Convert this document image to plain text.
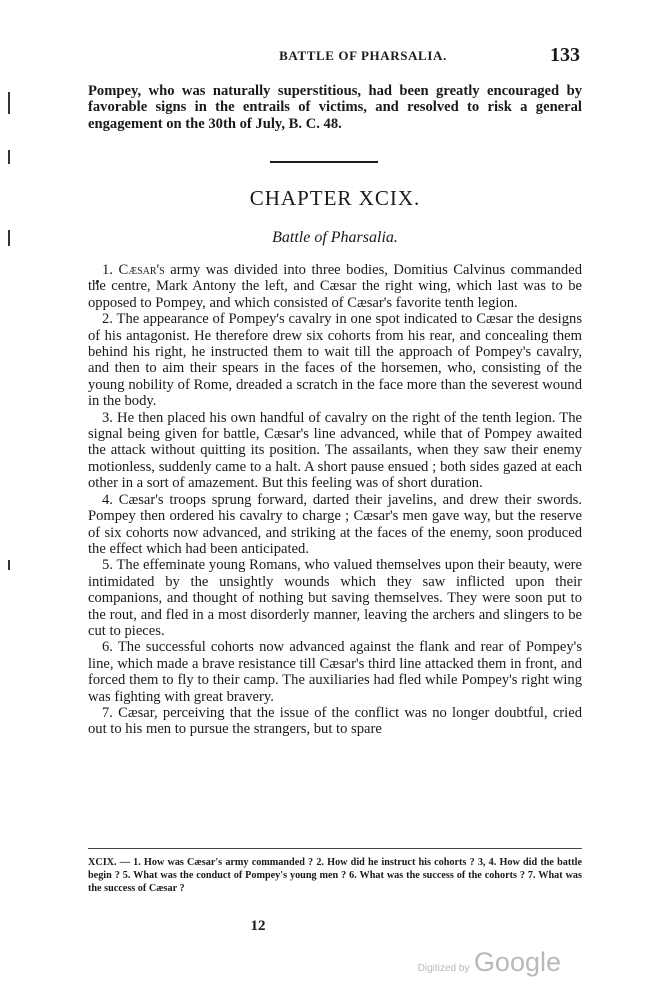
BATTLE OF PHARSALIA.	133
Pompey, who was naturally superstitious, had been greatly encouraged by favorable signs in the entrails of victims, and resolved to risk a general engagement on the 30th of July, B. C. 48.
CHAPTER XCIX.
Battle of Pharsalia.

1. Cæsar's army was divided into three bodies, Domitius Calvinus commanded the centre, Mark Antony the left, and Cæsar the right wing, which last was to be opposed to Pompey, and which consisted of Cæsar's favorite tenth legion.

2. The appearance of Pompey's cavalry in one spot indicated to Cæsar the designs of his antagonist. He therefore drew six cohorts from his rear, and concealing them behind his right, he instructed them to wait till the approach of Pompey's cavalry, and then to aim their spears in the faces of the horsemen, who, consisting of the young nobility of Rome, dreaded a scratch in the face more than the severest wound in the body.

3. He then placed his own handful of cavalry on the right of the tenth legion. The signal being given for battle, Cæsar's line advanced, while that of Pompey awaited the attack without quitting its position. The assailants, when they saw their enemy motionless, suddenly came to a halt. A short pause ensued ; both sides gazed at each other in a sort of amazement. But this feeling was of short duration.

4. Cæsar's troops sprung forward, darted their javelins, and drew their swords. Pompey then ordered his cavalry to charge ; Cæsar's men gave way, but the reserve of six cohorts now advanced, and striking at the faces of the enemy, soon produced the effect which had been anticipated.

5. The effeminate young Romans, who valued themselves upon their beauty, were intimidated by the unsightly wounds which they saw inflicted upon their companions, and thought of nothing but saving themselves. They were soon put to the rout, and fled in a most disorderly manner, leaving the archers and slingers to be cut to pieces.

6. The successful cohorts now advanced against the flank and rear of Pompey's line, which made a brave resistance till Cæsar's third line attacked them in front, and forced them to fly to their camp. The auxiliaries had fled while Pompey's right wing was fighting with great bravery.

7. Cæsar, perceiving that the issue of the conflict was no longer doubtful, cried out to his men to pursue the strangers, but to spare

XCIX. — 1. How was Cæsar's army commanded ? 2. How did he instruct his cohorts ? 3, 4. How did the battle begin ? 5. What was the conduct of Pompey's young men ? 6. What was the success of the cohorts ? 7. What was the success of Cæsar ?
12
Digitized by Google
